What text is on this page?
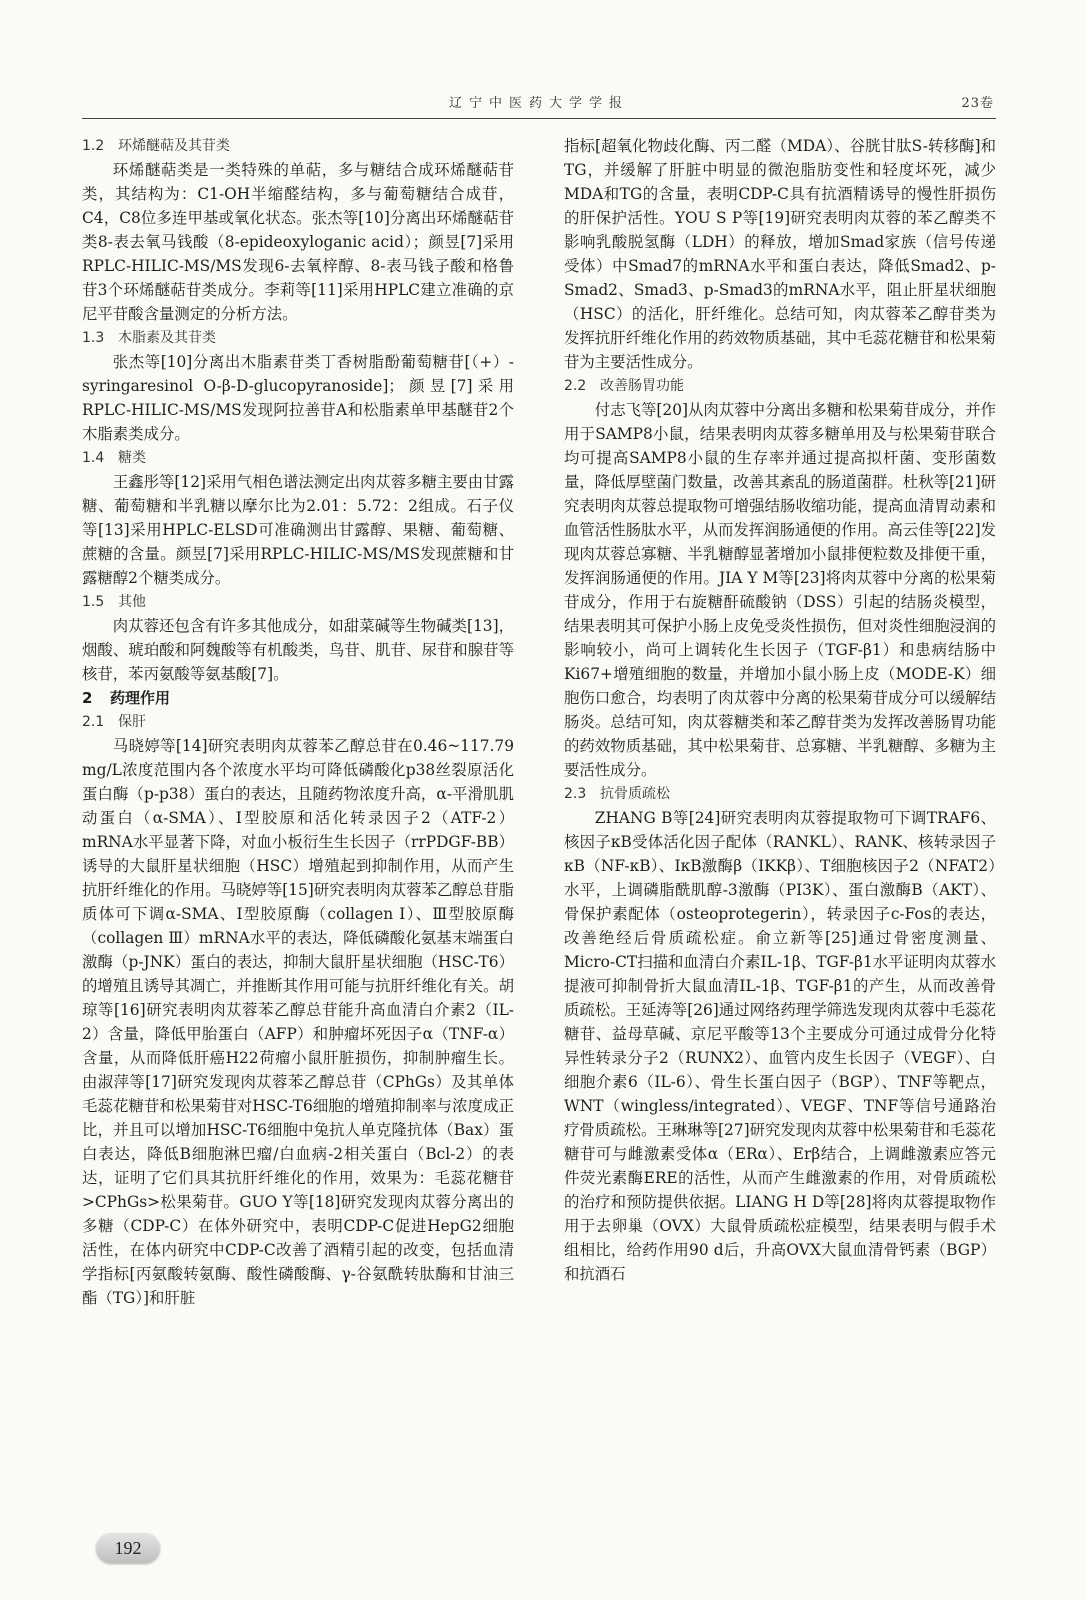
辽宁中医药大学学报	23卷

1.2 环烯醚萜及其苷类

环烯醚萜类是一类特殊的单萜，多与糖结合成环烯醚萜苷类，其结构为：C1-OH半缩醛结构，多与葡萄糖结合成苷，C4，C8位多连甲基或氧化状态。张杰等[10]分离出环烯醚萜苷类8-表去氧马钱酸（8-epideoxyloganic acid）；颜昱[7]采用RPLC-HILIC-MS/MS发现6-去氧梓醇、8-表马钱子酸和格鲁苷3个环烯醚萜苷类成分。李莉等[11]采用HPLC建立准确的京尼平苷酸含量测定的分析方法。

1.3 木脂素及其苷类

张杰等[10]分离出木脂素苷类丁香树脂酚葡萄糖苷[（+）-syringaresinol O-β-D-glucopyranoside]；颜昱[7]采用RPLC-HILIC-MS/MS发现阿拉善苷A和松脂素单甲基醚苷2个木脂素类成分。

1.4 糖类

王鑫彤等[12]采用气相色谱法测定出肉苁蓉多糖主要由甘露糖、葡萄糖和半乳糖以摩尔比为2.01：5.72：2组成。石子仪等[13]采用HPLC-ELSD可准确测出甘露醇、果糖、葡萄糖、蔗糖的含量。颜昱[7]采用RPLC-HILIC-MS/MS发现蔗糖和甘露糖醇2个糖类成分。

1.5 其他

肉苁蓉还包含有许多其他成分，如甜菜碱等生物碱类[13]，烟酸、琥珀酸和阿魏酸等有机酸类，鸟苷、肌苷、尿苷和腺苷等核苷，苯丙氨酸等氨基酸[7]。

2 药理作用

2.1 保肝

马晓婷等[14]研究表明肉苁蓉苯乙醇总苷在0.46~117.79 mg/L浓度范围内各个浓度水平均可降低磷酸化p38丝裂原活化蛋白酶（p-p38）蛋白的表达，且随药物浓度升高，α-平滑肌肌动蛋白（α-SMA）、Ⅰ型胶原和活化转录因子2（ATF-2）mRNA水平显著下降，对血小板衍生生长因子（rrPDGF-BB）诱导的大鼠肝星状细胞（HSC）增殖起到抑制作用，从而产生抗肝纤维化的作用。马晓婷等[15]研究表明肉苁蓉苯乙醇总苷脂质体可下调α-SMA、Ⅰ型胶原酶（collagen Ⅰ）、Ⅲ型胶原酶（collagen Ⅲ）mRNA水平的表达，降低磷酸化氨基末端蛋白激酶（p-JNK）蛋白的表达，抑制大鼠肝星状细胞（HSC-T6）的增殖且诱导其凋亡，并推断其作用可能与抗肝纤维化有关。胡琼等[16]研究表明肉苁蓉苯乙醇总苷能升高血清白介素2（IL-2）含量，降低甲胎蛋白（AFP）和肿瘤坏死因子α（TNF-α）含量，从而降低肝癌H22荷瘤小鼠肝脏损伤，抑制肿瘤生长。由淑萍等[17]研究发现肉苁蓉苯乙醇总苷（CPhGs）及其单体毛蕊花糖苷和松果菊苷对HSC-T6细胞的增殖抑制率与浓度成正比，并且可以增加HSC-T6细胞中兔抗人单克隆抗体（Bax）蛋白表达，降低B细胞淋巴瘤/白血病-2相关蛋白（Bcl-2）的表达，证明了它们具其抗肝纤维化的作用，效果为：毛蕊花糖苷>CPhGs>松果菊苷。GUO Y等[18]研究发现肉苁蓉分离出的多糖（CDP-C）在体外研究中，表明CDP-C促进HepG2细胞活性，在体内研究中CDP-C改善了酒精引起的改变，包括血清学指标[丙氨酸转氨酶、酸性磷酸酶、γ-谷氨酰转肽酶和甘油三酯（TG）]和肝脏

指标[超氧化物歧化酶、丙二醛（MDA）、谷胱甘肽S-转移酶]和TG，并缓解了肝脏中明显的微泡脂肪变性和轻度坏死，减少MDA和TG的含量，表明CDP-C具有抗酒精诱导的慢性肝损伤的肝保护活性。YOU S P等[19]研究表明肉苁蓉的苯乙醇类不影响乳酸脱氢酶（LDH）的释放，增加Smad家族（信号传递受体）中Smad7的mRNA水平和蛋白表达，降低Smad2、p-Smad2、Smad3、p-Smad3的mRNA水平，阻止肝星状细胞（HSC）的活化，肝纤维化。总结可知，肉苁蓉苯乙醇苷类为发挥抗肝纤维化作用的药效物质基础，其中毛蕊花糖苷和松果菊苷为主要活性成分。

2.2 改善肠胃功能

付志飞等[20]从肉苁蓉中分离出多糖和松果菊苷成分，并作用于SAMP8小鼠，结果表明肉苁蓉多糖单用及与松果菊苷联合均可提高SAMP8小鼠的生存率并通过提高拟杆菌、变形菌数量，降低厚壁菌门数量，改善其紊乱的肠道菌群。杜秋等[21]研究表明肉苁蓉总提取物可增强结肠收缩功能，提高血清胃动素和血管活性肠肽水平，从而发挥润肠通便的作用。高云佳等[22]发现肉苁蓉总寡糖、半乳糖醇显著增加小鼠排便粒数及排便干重，发挥润肠通便的作用。JIA Y M等[23]将肉苁蓉中分离的松果菊苷成分，作用于右旋糖酐硫酸钠（DSS）引起的结肠炎模型，结果表明其可保护小肠上皮免受炎性损伤，但对炎性细胞浸润的影响较小，尚可上调转化生长因子（TGF-β1）和患病结肠中Ki67+增殖细胞的数量，并增加小鼠小肠上皮（MODE-K）细胞伤口愈合，均表明了肉苁蓉中分离的松果菊苷成分可以缓解结肠炎。总结可知，肉苁蓉糖类和苯乙醇苷类为发挥改善肠胃功能的药效物质基础，其中松果菊苷、总寡糖、半乳糖醇、多糖为主要活性成分。

2.3 抗骨质疏松

ZHANG B等[24]研究表明肉苁蓉提取物可下调TRAF6、核因子κB受体活化因子配体（RANKL）、RANK、核转录因子κB（NF-κB）、IκB激酶β（IKKβ）、T细胞核因子2（NFAT2）水平，上调磷脂酰肌醇-3激酶（PI3K）、蛋白激酶B（AKT）、骨保护素配体（osteoprotegerin），转录因子c-Fos的表达，改善绝经后骨质疏松症。俞立新等[25]通过骨密度测量、Micro-CT扫描和血清白介素IL-1β、TGF-β1水平证明肉苁蓉水提液可抑制骨折大鼠血清IL-1β、TGF-β1的产生，从而改善骨质疏松。王延涛等[26]通过网络药理学筛选发现肉苁蓉中毛蕊花糖苷、益母草碱、京尼平酸等13个主要成分可通过成骨分化特异性转录分子2（RUNX2）、血管内皮生长因子（VEGF）、白细胞介素6（IL-6）、骨生长蛋白因子（BGP）、TNF等靶点，WNT（wingless/integrated）、VEGF、TNF等信号通路治疗骨质疏松。王琳琳等[27]研究发现肉苁蓉中松果菊苷和毛蕊花糖苷可与雌激素受体α（ERα）、Erβ结合，上调雌激素应答元件荧光素酶ERE的活性，从而产生雌激素的作用，对骨质疏松的治疗和预防提供依据。LIANG H D等[28]将肉苁蓉提取物作用于去卵巢（OVX）大鼠骨质疏松症模型，结果表明与假手术组相比，给药作用90 d后，升高OVX大鼠血清骨钙素（BGP）和抗酒石

192
